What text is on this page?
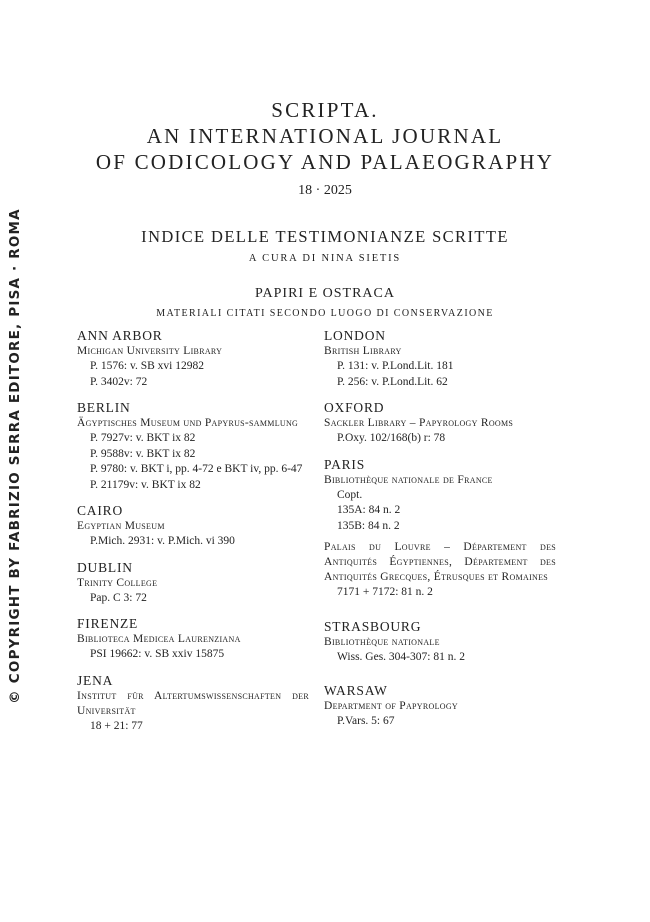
© COPYRIGHT BY FABRIZIO SERRA EDITORE, PISA · ROMA
SCRIPTA.
AN INTERNATIONAL JOURNAL
OF CODICOLOGY AND PALAEOGRAPHY
18 · 2025
INDICE DELLE TESTIMONIANZE SCRITTE
A CURA DI NINA SIETIS
PAPIRI E OSTRACA
MATERIALI CITATI SECONDO LUOGO DI CONSERVAZIONE
ANN ARBOR
Michigan University Library
P. 1576: v. SB xvi 12982
P. 3402v: 72
BERLIN
Ägyptisches Museum und Papyrus-sammlung
P. 7927v: v. BKT ix 82
P. 9588v: v. BKT ix 82
P. 9780: v. BKT i, pp. 4-72 e BKT iv, pp. 6-47
P. 21179v: v. BKT ix 82
CAIRO
Egyptian Museum
P.Mich. 2931: v. P.Mich. vi 390
DUBLIN
Trinity College
Pap. C 3: 72
FIRENZE
Biblioteca Medicea Laurenziana
PSI 19662: v. SB xxiv 15875
JENA
Institut für Altertumswissenschaften der Universität
18 + 21: 77
LONDON
British Library
P. 131: v. P.Lond.Lit. 181
P. 256: v. P.Lond.Lit. 62
OXFORD
Sackler Library – Papyrology Rooms
P.Oxy. 102/168(b) r: 78
PARIS
Bibliothèque nationale de France
Copt.
135A: 84 n. 2
135B: 84 n. 2
Palais du Louvre – Département des Antiquités Égyptiennes, Département des Antiquités Grecques, Étrusques et Romaines
7171 + 7172: 81 n. 2
STRASBOURG
Bibliothèque nationale
Wiss. Ges. 304-307: 81 n. 2
WARSAW
Department of Papyrology
P.Vars. 5: 67
